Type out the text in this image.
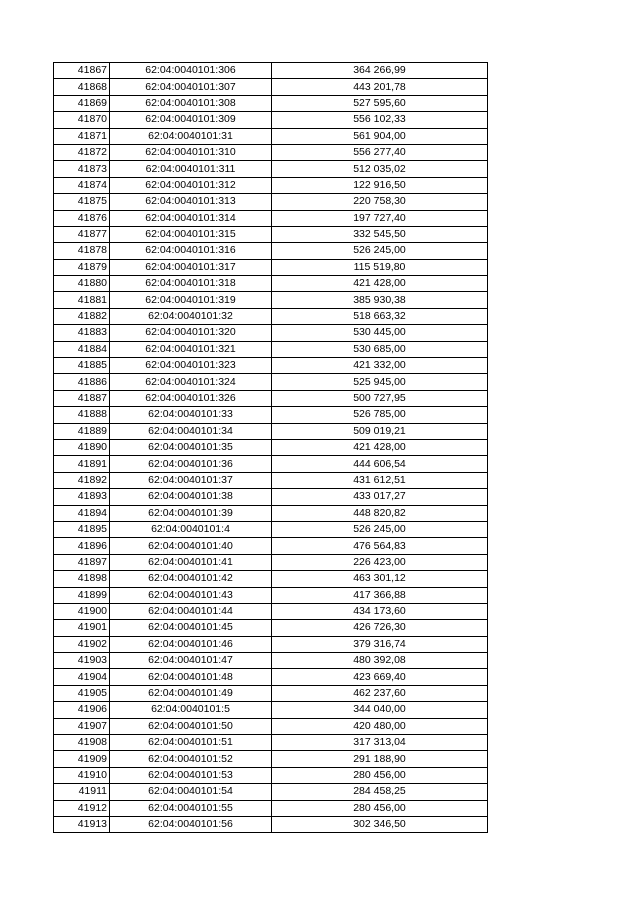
41867	62:04:0040101:306	364 266,99
41868	62:04:0040101:307	443 201,78
41869	62:04:0040101:308	527 595,60
41870	62:04:0040101:309	556 102,33
41871	62:04:0040101:31	561 904,00
41872	62:04:0040101:310	556 277,40
41873	62:04:0040101:311	512 035,02
41874	62:04:0040101:312	122 916,50
41875	62:04:0040101:313	220 758,30
41876	62:04:0040101:314	197 727,40
41877	62:04:0040101:315	332 545,50
41878	62:04:0040101:316	526 245,00
41879	62:04:0040101:317	115 519,80
41880	62:04:0040101:318	421 428,00
41881	62:04:0040101:319	385 930,38
41882	62:04:0040101:32	518 663,32
41883	62:04:0040101:320	530 445,00
41884	62:04:0040101:321	530 685,00
41885	62:04:0040101:323	421 332,00
41886	62:04:0040101:324	525 945,00
41887	62:04:0040101:326	500 727,95
41888	62:04:0040101:33	526 785,00
41889	62:04:0040101:34	509 019,21
41890	62:04:0040101:35	421 428,00
41891	62:04:0040101:36	444 606,54
41892	62:04:0040101:37	431 612,51
41893	62:04:0040101:38	433 017,27
41894	62:04:0040101:39	448 820,82
41895	62:04:0040101:4	526 245,00
41896	62:04:0040101:40	476 564,83
41897	62:04:0040101:41	226 423,00
41898	62:04:0040101:42	463 301,12
41899	62:04:0040101:43	417 366,88
41900	62:04:0040101:44	434 173,60
41901	62:04:0040101:45	426 726,30
41902	62:04:0040101:46	379 316,74
41903	62:04:0040101:47	480 392,08
41904	62:04:0040101:48	423 669,40
41905	62:04:0040101:49	462 237,60
41906	62:04:0040101:5	344 040,00
41907	62:04:0040101:50	420 480,00
41908	62:04:0040101:51	317 313,04
41909	62:04:0040101:52	291 188,90
41910	62:04:0040101:53	280 456,00
41911	62:04:0040101:54	284 458,25
41912	62:04:0040101:55	280 456,00
41913	62:04:0040101:56	302 346,50
